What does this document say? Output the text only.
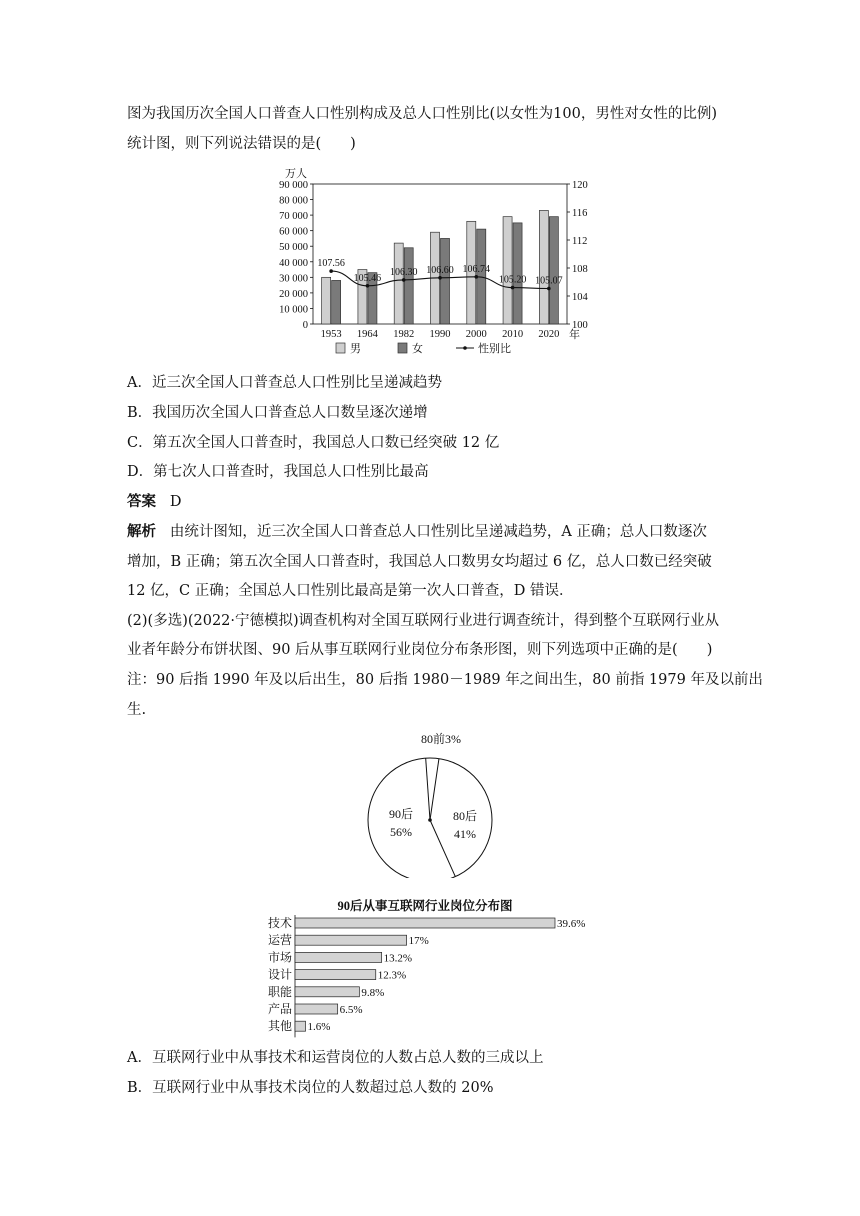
图为我国历次全国人口普查人口性别构成及总人口性别比(以女性为100，男性对女性的比例)
统计图，则下列说法错误的是(　　)
万人
0
10 000
20 000
30 000
40 000
50 000
60 000
70 000
80 000
90 000
100
104
108
112
116
120
1953 1964 1982 1990 2000 2010 2020 年
107.56
105.46
106.30 106.60 106.74
105.20 105.07
男	女	性别比
A．近三次全国人口普查总人口性别比呈递减趋势
B．我国历次全国人口普查总人口数呈逐次递增
C．第五次全国人口普查时，我国总人口数已经突破 12 亿
D．第七次人口普查时，我国总人口性别比最高
答案 D
解析 由统计图知，近三次全国人口普查总人口性别比呈递减趋势，A 正确；总人口数逐次
增加，B 正确；第五次全国人口普查时，我国总人口数男女均超过 6 亿，总人口数已经突破
12 亿，C 正确；全国总人口性别比最高是第一次人口普查，D 错误．
(2)(多选)(2022·宁德模拟)调查机构对全国互联网行业进行调查统计，得到整个互联网行业从
业者年龄分布饼状图、90 后从事互联网行业岗位分布条形图，则下列选项中正确的是(　　)
注：90 后指 1990 年及以后出生，80 后指 1980－1989 年之间出生，80 前指 1979 年及以前出
生.
80前3%
90后
56%
80后
41%
90后从事互联网行业岗位分布图
技术	39.6%
运营	17%
市场	13.2%
设计	12.3%
职能	9.8%
产品	6.5%
其他 1.6%
A．互联网行业中从事技术和运营岗位的人数占总人数的三成以上
B．互联网行业中从事技术岗位的人数超过总人数的 20%
